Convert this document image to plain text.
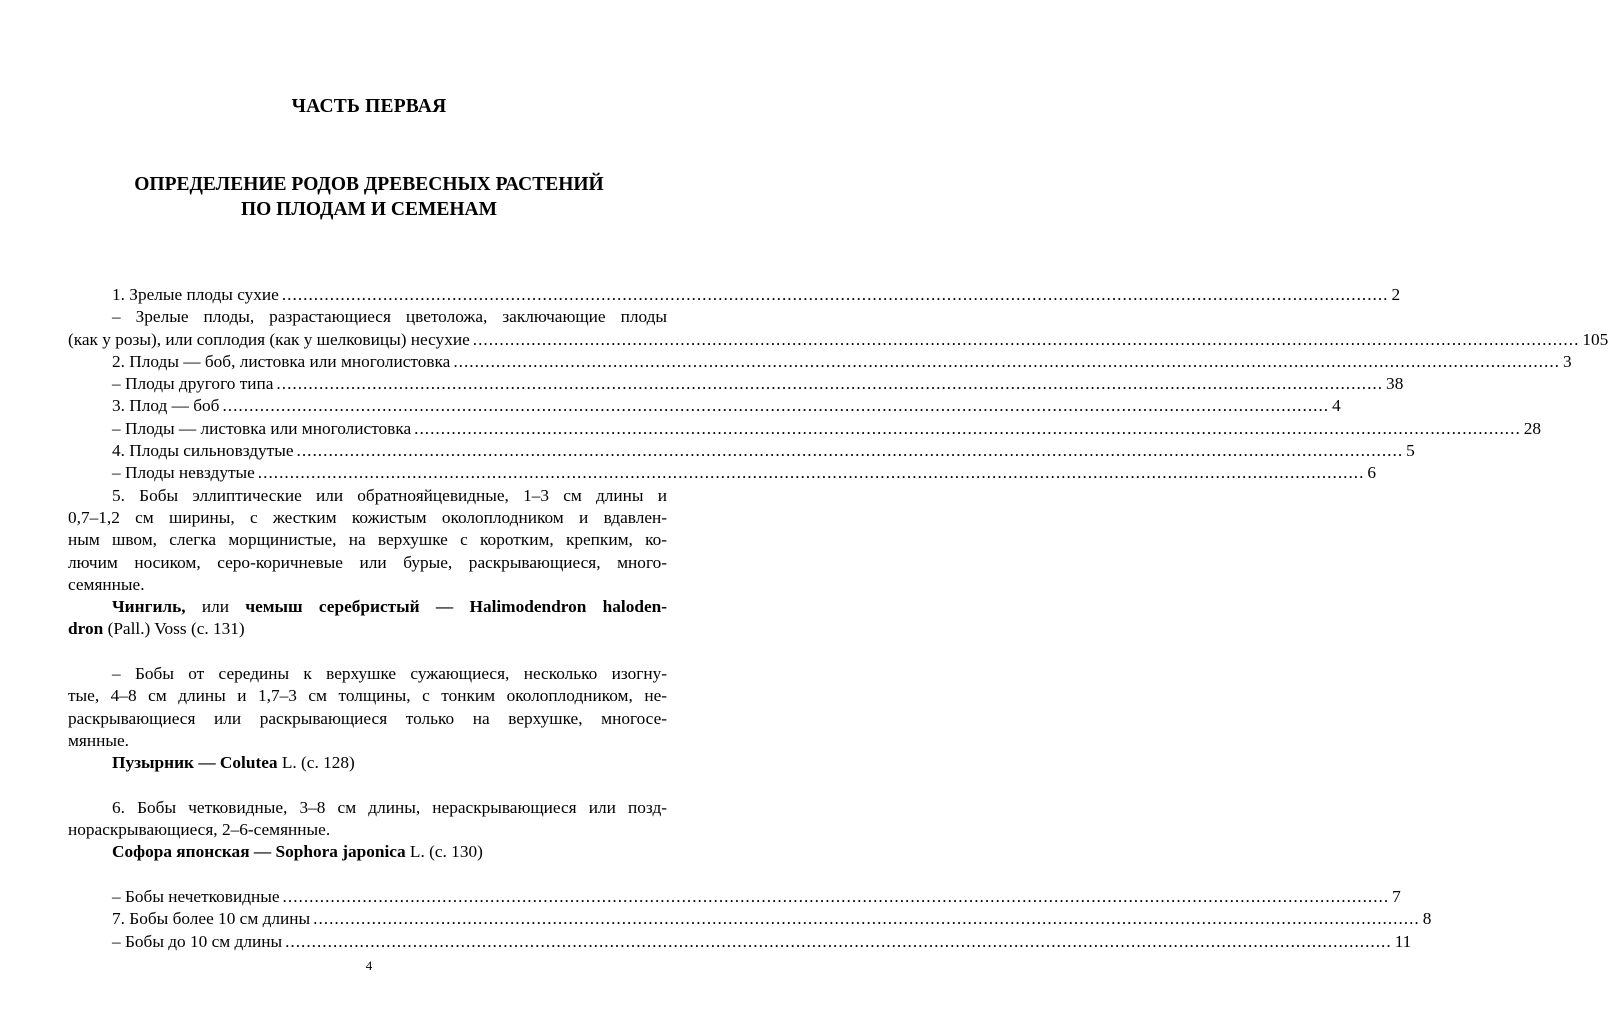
ЧАСТЬ ПЕРВАЯ
ОПРЕДЕЛЕНИЕ РОДОВ ДРЕВЕСНЫХ РАСТЕНИЙ
ПО ПЛОДАМ И СЕМЕНАМ
1. Зрелые плоды сухие ................................................................................................................................................................................................................ 2
– Зрелые плоды, разрастающиеся цветоложа, заключающие плоды
(как у розы), или соплодия (как у шелковицы) несухие ................................................................................................................................................................................................................ 105
2. Плоды — боб, листовка или многолистовка ................................................................................................................................................................................................................ 3
– Плоды другого типа ................................................................................................................................................................................................................ 38
3. Плод — боб ................................................................................................................................................................................................................ 4
– Плоды — листовка или многолистовка ................................................................................................................................................................................................................ 28
4. Плоды сильновздутые ................................................................................................................................................................................................................ 5
– Плоды невздутые ................................................................................................................................................................................................................ 6
5. Бобы эллиптические или обратнояйцевидные, 1–3 см длины и
0,7–1,2 см ширины, с жестким кожистым околоплодником и вдавлен-
ным швом, слегка морщинистые, на верхушке с коротким, крепким, ко-
лючим носиком, серо-коричневые или бурые, раскрывающиеся, много-
семянные.
Чингиль, или чемыш серебристый — Halimodendron haloden-
dron (Pall.) Voss (с. 131)
– Бобы от середины к верхушке сужающиеся, несколько изогну-
тые, 4–8 см длины и 1,7–3 см толщины, с тонким околоплодником, не-
раскрывающиеся или раскрывающиеся только на верхушке, многосе-
мянные.
Пузырник — Colutea L. (с. 128)
6. Бобы четковидные, 3–8 см длины, нераскрывающиеся или позд-
нораскрывающиеся, 2–6-семянные.
Софора японская — Sophora japonica L. (с. 130)
– Бобы нечетковидные ................................................................................................................................................................................................................ 7
7. Бобы более 10 см длины ................................................................................................................................................................................................................ 8
– Бобы до 10 см длины ................................................................................................................................................................................................................ 11
4
